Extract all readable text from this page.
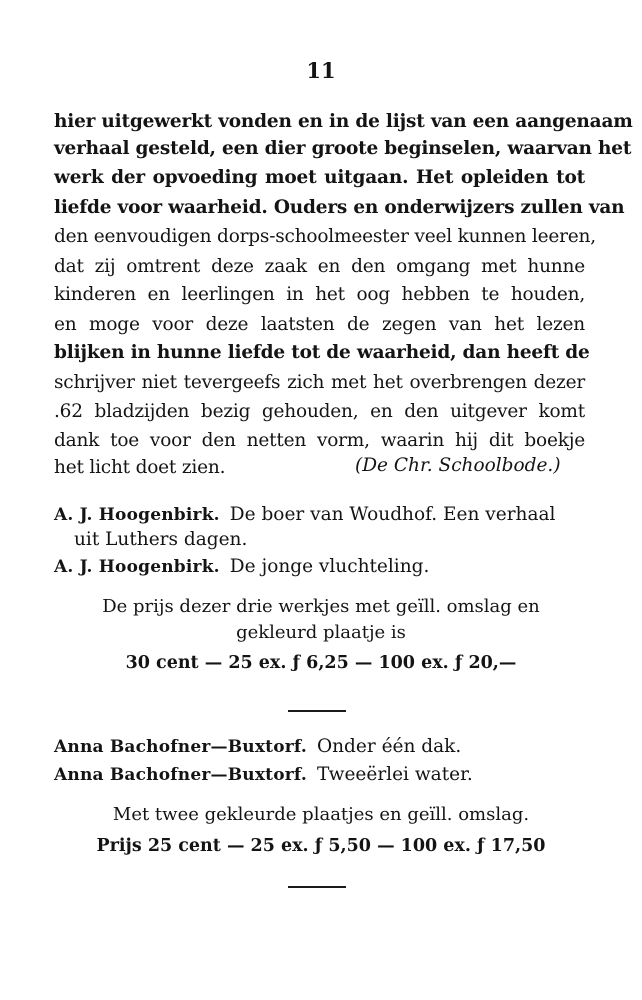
11
hier uitgewerkt vonden en in de lijst van een aangenaam
verhaal gesteld, een dier groote beginselen, waarvan het
werk der opvoeding moet uitgaan. Het opleiden tot
liefde voor waarheid. Ouders en onderwijzers zullen van
den eenvoudigen dorps-schoolmeester veel kunnen leeren,
dat zij omtrent deze zaak en den omgang met hunne
kinderen en leerlingen in het oog hebben te houden,
en moge voor deze laatsten de zegen van het lezen
blijken in hunne liefde tot de waarheid, dan heeft de
schrijver niet tevergeefs zich met het overbrengen dezer
.62 bladzijden bezig gehouden, en den uitgever komt
dank toe voor den netten vorm, waarin hij dit boekje
het licht doet zien.	(De Chr. Schoolbode.)
A. J. Hoogenbirk. De boer van Woudhof. Een verhaal
uit Luthers dagen.
A. J. Hoogenbirk. De jonge vluchteling.
De prijs dezer drie werkjes met geïll. omslag en
gekleurd plaatje is
30 cent — 25 ex. ƒ 6,25 — 100 ex. ƒ 20,—
Anna Bachofner—Buxtorf. Onder één dak.
Anna Bachofner—Buxtorf. Tweeërlei water.
Met twee gekleurde plaatjes en geïll. omslag.
Prijs 25 cent — 25 ex. ƒ 5,50 — 100 ex. ƒ 17,50
